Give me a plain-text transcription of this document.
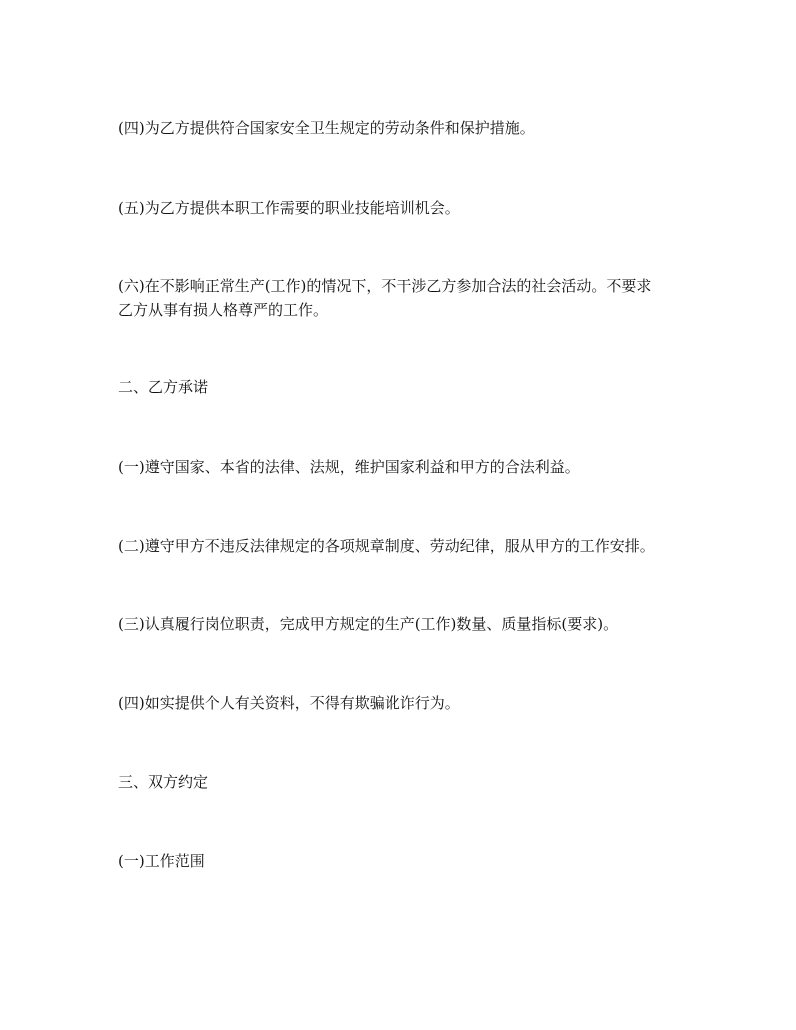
(四)为乙方提供符合国家安全卫生规定的劳动条件和保护措施。

(五)为乙方提供本职工作需要的职业技能培训机会。

(六)在不影响正常生产(工作)的情况下，不干涉乙方参加合法的社会活动。不要求
乙方从事有损人格尊严的工作。

二、乙方承诺

(一)遵守国家、本省的法律、法规，维护国家利益和甲方的合法利益。

(二)遵守甲方不违反法律规定的各项规章制度、劳动纪律，服从甲方的工作安排。

(三)认真履行岗位职责，完成甲方规定的生产(工作)数量、质量指标(要求)。

(四)如实提供个人有关资料，不得有欺骗讹诈行为。

三、双方约定

(一)工作范围
